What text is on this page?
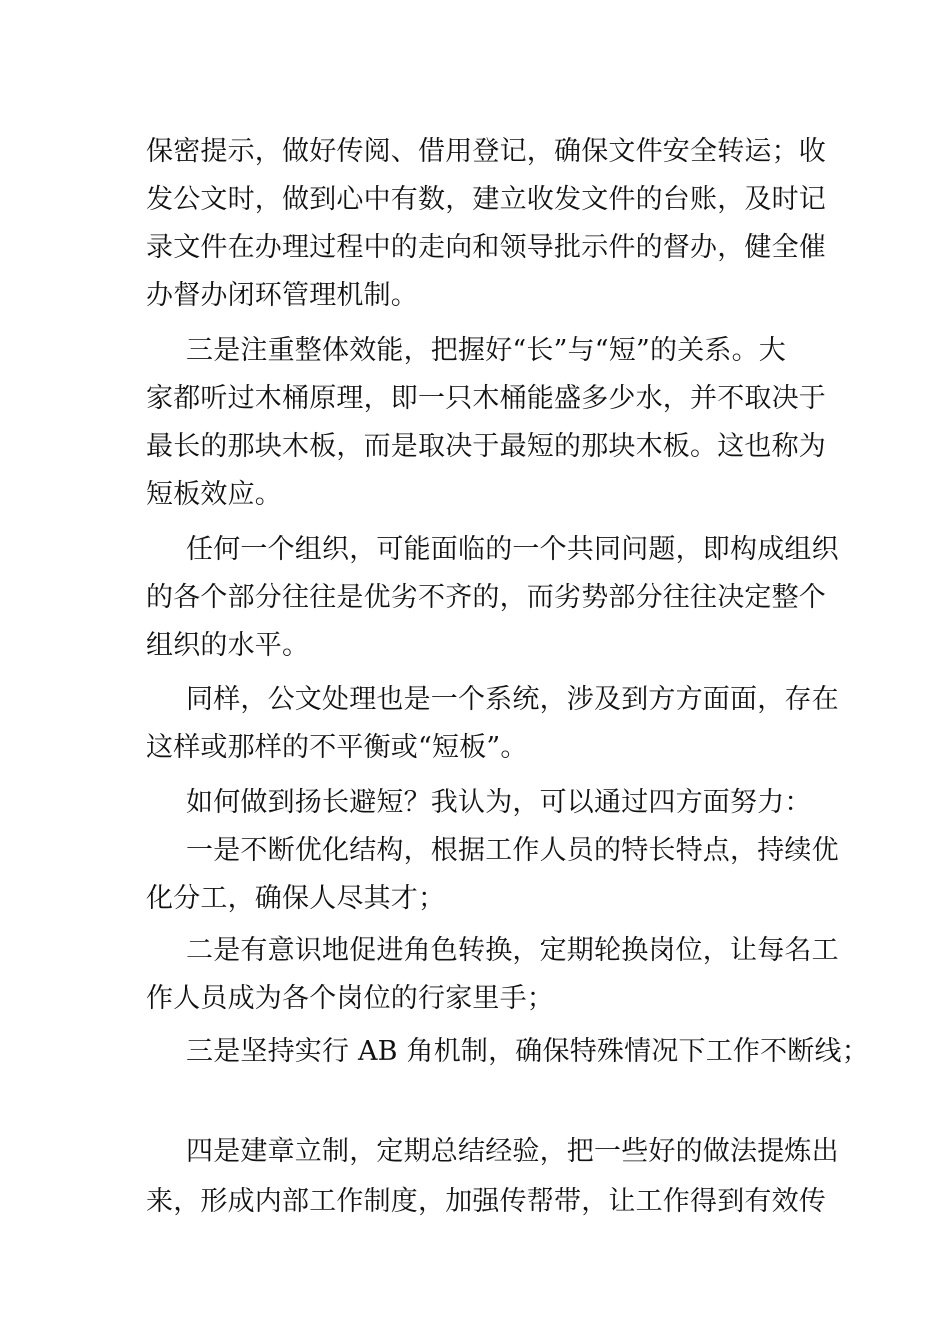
保密提示，做好传阅、借用登记，确保文件安全转运；收
发公文时，做到心中有数，建立收发文件的台账，及时记
录文件在办理过程中的走向和领导批示件的督办，健全催
办督办闭环管理机制。
三是注重整体效能，把握好“长”与“短”的关系。大
家都听过木桶原理，即一只木桶能盛多少水，并不取决于
最长的那块木板，而是取决于最短的那块木板。这也称为
短板效应。
任何一个组织，可能面临的一个共同问题，即构成组织
的各个部分往往是优劣不齐的，而劣势部分往往决定整个
组织的水平。
同样，公文处理也是一个系统，涉及到方方面面，存在
这样或那样的不平衡或“短板”。
如何做到扬长避短？我认为，可以通过四方面努力：
一是不断优化结构，根据工作人员的特长特点，持续优
化分工，确保人尽其才；
二是有意识地促进角色转换，定期轮换岗位，让每名工
作人员成为各个岗位的行家里手；
三是坚持实行 AB 角机制，确保特殊情况下工作不断线；
四是建章立制，定期总结经验，把一些好的做法提炼出
来，形成内部工作制度，加强传帮带，让工作得到有效传
